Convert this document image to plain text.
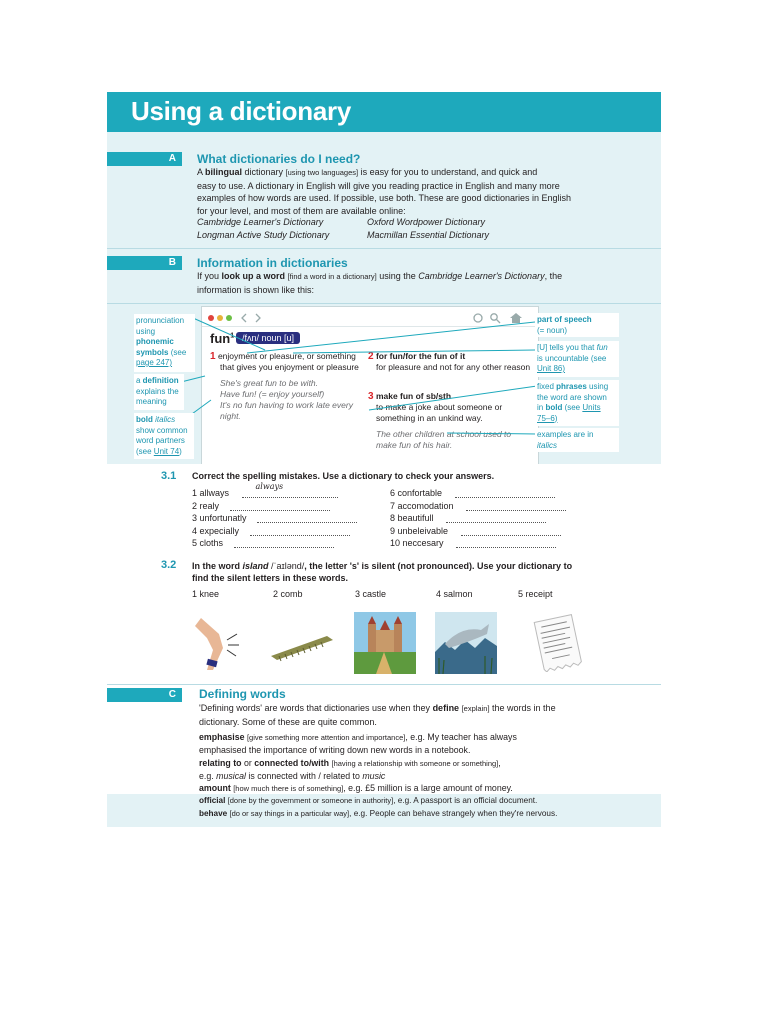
Using a dictionary
A	What dictionaries do I need?
A bilingual dictionary [using two languages] is easy for you to understand, and quick and
easy to use. A dictionary in English will give you reading practice in English and many more
examples of how words are used. If possible, use both. These are good dictionaries in English
for your level, and most of them are available online:
Cambridge Learner's Dictionary	Oxford Wordpower Dictionary
Longman Active Study Dictionary	Macmillan Essential Dictionary
B	Information in dictionaries
If you look up a word [find a word in a dictionary] using the Cambridge Learner's Dictionary, the
information is shown like this:
fun$^1$ /fʌn/ noun [u]
1 enjoyment or pleasure, or something
that gives you enjoyment or pleasure
She's great fun to be with.
Have fun! (= enjoy yourself)
It's no fun having to work late every
night.
2 for fun/for the fun of it
for pleasure and not for any other reason
3 make fun of sb/sth
to make a joke about someone or
something in an unkind way.
The other children at school used to
make fun of his hair.
pronunciation
using
phonemic
symbols (see
page 247)
a definition
explains the
meaning
bold italics
show common
word partners
(see Unit 74)
part of speech
(= noun)
[U] tells you that fun
is uncountable (see
Unit 86)
fixed phrases using
the word are shown
in bold (see Units
75–6)
examples are in
italics
3.1 Correct the spelling mistakes. Use a dictionary to check your answers.
1 allways
always
2 realy
3 unfortunatly
4 expecially
5 cloths
6 confortable
7 accomodation
8 beautifull
9 unbeleivable
10 neccesary
3.2 In the word island /ˈaɪlənd/, the letter 's' is silent (not pronounced). Use your dictionary to
find the silent letters in these words.
1 knee	2 comb	3 castle	4 salmon	5 receipt
C	Defining words
'Defining words' are words that dictionaries use when they define [explain] the words in the
dictionary. Some of these are quite common.
emphasise [give something more attention and importance], e.g. My teacher has always
emphasised the importance of writing down new words in a notebook.
relating to or connected to/with [having a relationship with someone or something],
e.g. musical is connected with / related to music
amount [how much there is of something], e.g. £5 million is a large amount of money.
official [done by the government or someone in authority], e.g. A passport is an official document.
behave [do or say things in a particular way], e.g. People can behave strangely when they're nervous.
